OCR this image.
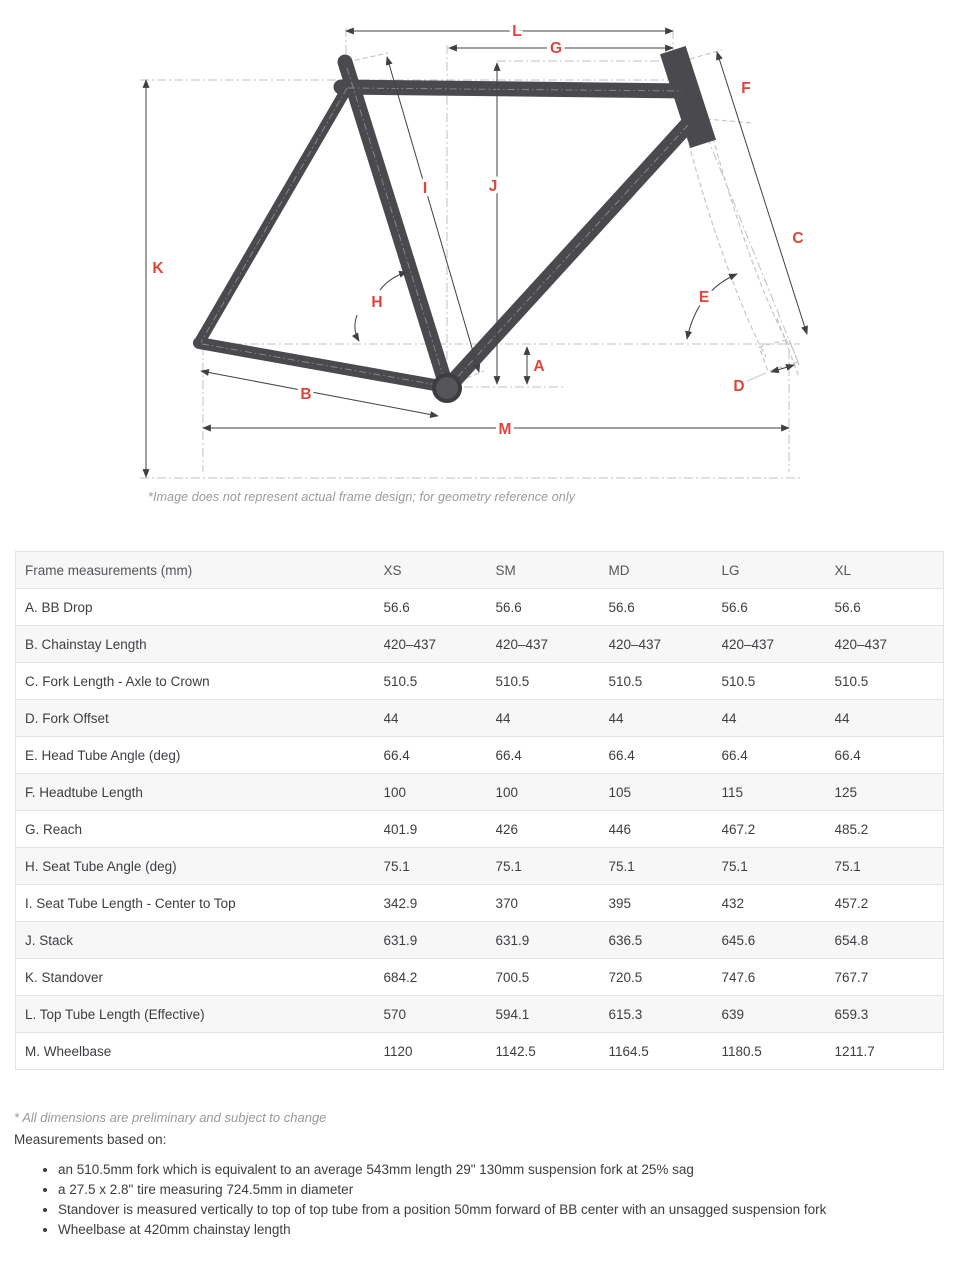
L
G
F
C
E
D
A
B
M
K
I	J
H
*Image does not represent actual frame design; for geometry reference only
Frame measurements (mm)	XS	SM	MD	LG	XL
A. BB Drop	56.6	56.6	56.6	56.6	56.6
B. Chainstay Length	420–437	420–437	420–437	420–437	420–437
C. Fork Length - Axle to Crown	510.5	510.5	510.5	510.5	510.5
D. Fork Offset	44	44	44	44	44
E. Head Tube Angle (deg)	66.4	66.4	66.4	66.4	66.4
F. Headtube Length	100	100	105	115	125
G. Reach	401.9	426	446	467.2	485.2
H. Seat Tube Angle (deg)	75.1	75.1	75.1	75.1	75.1
I. Seat Tube Length - Center to Top	342.9	370	395	432	457.2
J. Stack	631.9	631.9	636.5	645.6	654.8
K. Standover	684.2	700.5	720.5	747.6	767.7
L. Top Tube Length (Effective)	570	594.1	615.3	639	659.3
M. Wheelbase	1120	1142.5	1164.5	1180.5	1211.7
* All dimensions are preliminary and subject to change
Measurements based on:
• an 510.5mm fork which is equivalent to an average 543mm length 29" 130mm suspension fork at 25% sag
• a 27.5 x 2.8" tire measuring 724.5mm in diameter
• Standover is measured vertically to top of top tube from a position 50mm forward of BB center with an unsagged suspension fork
• Wheelbase at 420mm chainstay length
